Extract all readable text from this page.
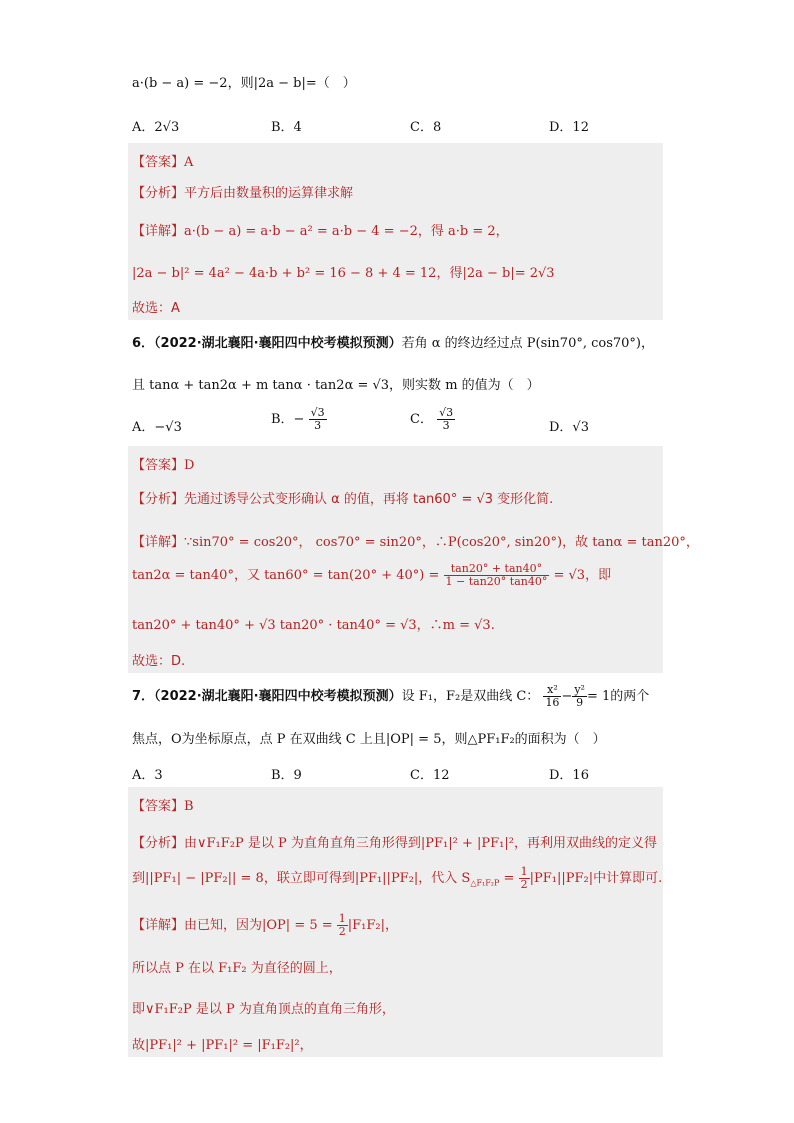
a·(b − a) = −2，则|2a − b|=（　）
A．2√3	B．4	C．8	D．12
【答案】A
【分析】平方后由数量积的运算律求解
【详解】a·(b − a) = a·b − a² = a·b − 4 = −2，得 a·b = 2，
|2a − b|² = 4a² − 4a·b + b² = 16 − 8 + 4 = 12，得|2a − b|= 2√3
故选：A
6．（2022·湖北襄阳·襄阳四中校考模拟预测）若角 α 的终边经过点 P(sin70°, cos70°)，
且 tanα + tan2α + m tanα · tan2α = √3，则实数 m 的值为（　）
A．−√3
B．− $\frac{√3}{3}$	C． $\frac{√3}{3}$	D．√3
【答案】D
【分析】先通过诱导公式变形确认 α 的值，再将 tan60° = √3 变形化简.
【详解】∵sin70° = cos20°， cos70° = sin20°，∴P(cos20°, sin20°)，故 tanα = tan20°，
tan2α = tan40°，又 $\tan 60^\circ = \tan(20^\circ + 40^\circ) = \frac{\tan 20^\circ + \tan 40^\circ}{1 - \tan 20^\circ \tan 40^\circ} = √3$，即
tan20° + tan40° + √3 tan20° · tan40° = √3，∴m = √3.
故选：D.
7．（2022·湖北襄阳·襄阳四中校考模拟预测）设 F₁，F₂是双曲线 C： $\frac{\text{x²}}{16} - \frac{\text{y²}}{9} = 1$的两个
焦点，O为坐标原点，点 P 在双曲线 C 上且|OP| = 5，则△PF₁F₂的面积为（　）
A．3	B．9	C．12	D．16
【答案】B
【分析】由∨F₁F₂P 是以 P 为直角直角三角形得到|PF₁|² + |PF₁|²，再利用双曲线的定义得
到||PF₁| − |PF₂|| = 8，联立即可得到|PF₁||PF₂|，代入 $S_{\triangle F_1F_2P} = \frac{1}{2} |PF_1||PF_2|$中计算即可.
【详解】由已知，因为$|OP| = 5 = \frac{1}{2} |F_1F_2|$，
所以点 P 在以 F₁F₂ 为直径的圆上，
即∨F₁F₂P 是以 P 为直角顶点的直角三角形，
故|PF₁|² + |PF₁|² = |F₁F₂|²，
